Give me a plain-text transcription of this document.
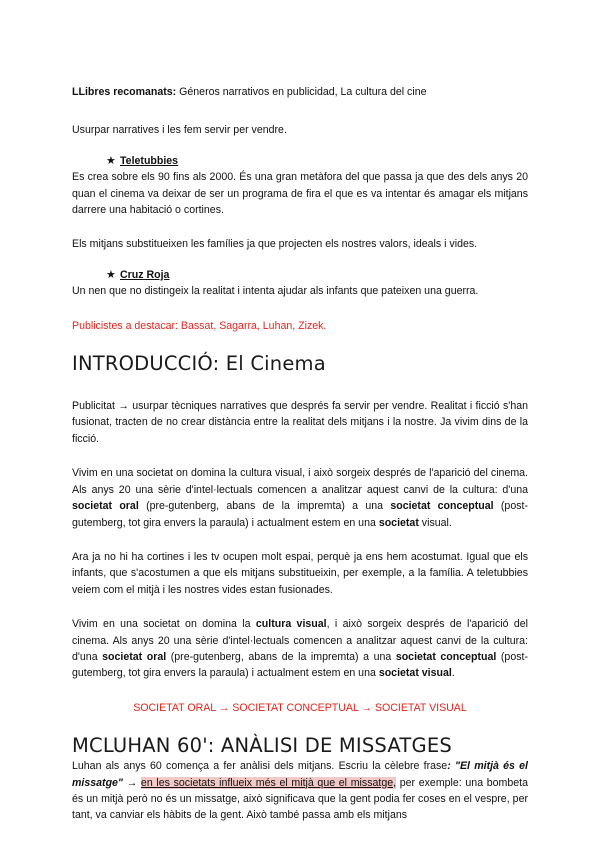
LLibres recomanats: Géneros narrativos en publicidad, La cultura del cine

Usurpar narratives i les fem servir per vendre.

★ Teletubbies

Es crea sobre els 90 fins als 2000. És una gran metàfora del que passa ja que des dels anys 20 quan el cinema va deixar de ser un programa de fira el que es va intentar és amagar els mitjans darrere una habitació o cortines.

Els mitjans substitueixen les famílies ja que projecten els nostres valors, ideals i vides.

★ Cruz Roja

Un nen que no distingeix la realitat i intenta ajudar als infants que pateixen una guerra.

Publicistes a destacar: Bassat, Sagarra, Luhan, Zizek.

INTRODUCCIÓ: El Cinema

Publicitat → usurpar tècniques narratives que després fa servir per vendre. Realitat i ficció s'han fusionat, tracten de no crear distància entre la realitat dels mitjans i la nostre. Ja vivim dins de la ficció.

Vivim en una societat on domina la cultura visual, i això sorgeix després de l'aparició del cinema. Als anys 20 una sèrie d'intel·lectuals comencen a analitzar aquest canvi de la cultura: d'una societat oral (pre-gutenberg, abans de la impremta) a una societat conceptual (post-gutemberg, tot gira envers la paraula) i actualment estem en una societat visual.

Ara ja no hi ha cortines i les tv ocupen molt espai, perquè ja ens hem acostumat. Igual que els infants, que s'acostumen a que els mitjans substitueixin, per exemple, a la família. A teletubbies veiem com el mitjà i les nostres vides estan fusionades.

Vivim en una societat on domina la cultura visual, i això sorgeix després de l'aparició del cinema. Als anys 20 una sèrie d'intel·lectuals comencen a analitzar aquest canvi de la cultura: d'una societat oral (pre-gutenberg, abans de la impremta) a una societat conceptual (post-gutemberg, tot gira envers la paraula) i actualment estem en una societat visual.

SOCIETAT ORAL → SOCIETAT CONCEPTUAL → SOCIETAT VISUAL

MCLUHAN 60': ANÀLISI DE MISSATGES

Luhan als anys 60 comença a fer anàlisi dels mitjans. Escriu la cèlebre frase: "El mitjà és el missatge" → en les societats influeix més el mitjà que el missatge, per exemple: una bombeta és un mitjà però no és un missatge, això significava que la gent podia fer coses en el vespre, per tant, va canviar els hàbits de la gent. Això també passa amb els mitjans
